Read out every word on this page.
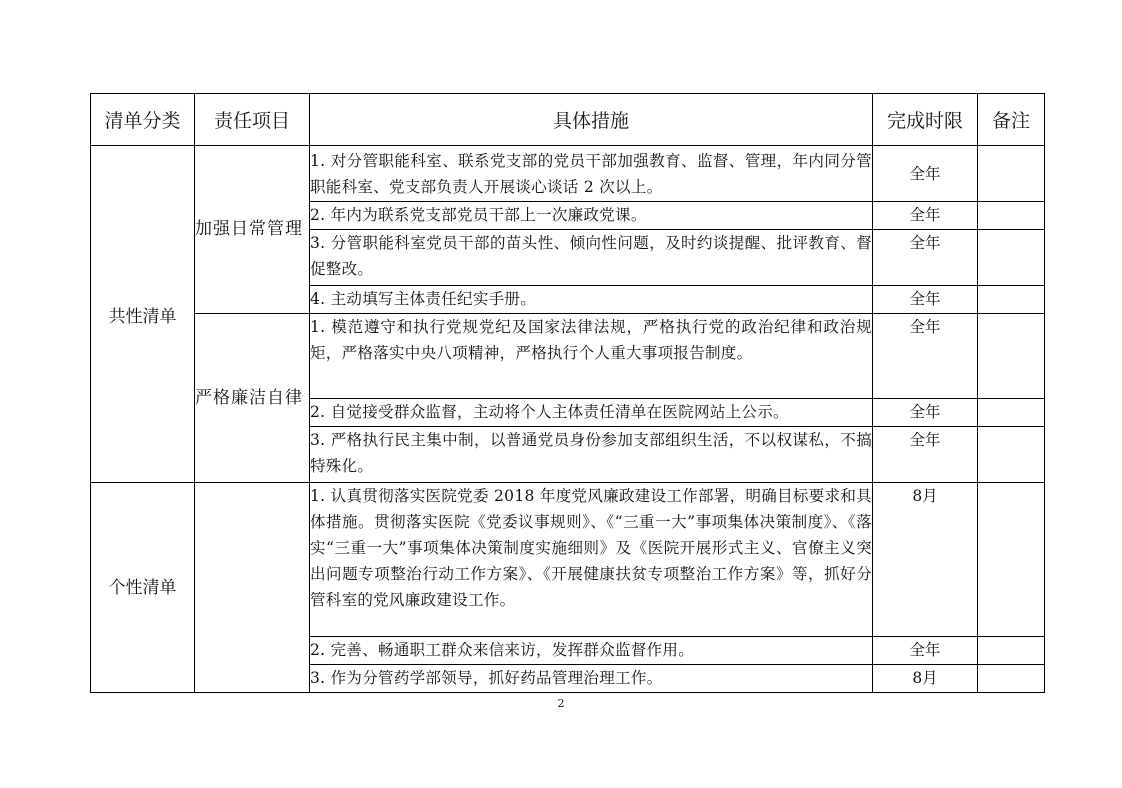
清单分类	责任项目	具体措施	完成时限	备注
共性清单	加强日常管理	1. 对分管职能科室、联系党支部的党员干部加强教育、监督、管理，年内同分管职能科室、党支部负责人开展谈心谈话 2 次以上。	全年	
		2. 年内为联系党支部党员干部上一次廉政党课。	全年	
		3. 分管职能科室党员干部的苗头性、倾向性问题，及时约谈提醒、批评教育、督促整改。	全年	
		4. 主动填写主体责任纪实手册。	全年	
	严格廉洁自律	1. 模范遵守和执行党规党纪及国家法律法规，严格执行党的政治纪律和政治规矩，严格落实中央八项精神，严格执行个人重大事项报告制度。	全年	
		2. 自觉接受群众监督，主动将个人主体责任清单在医院网站上公示。	全年	
		3. 严格执行民主集中制，以普通党员身份参加支部组织生活，不以权谋私，不搞特殊化。	全年	
个性清单		1. 认真贯彻落实医院党委 2018 年度党风廉政建设工作部署，明确目标要求和具体措施。贯彻落实医院《党委议事规则》、《“三重一大”事项集体决策制度》、《落实“三重一大”事项集体决策制度实施细则》及《医院开展形式主义、官僚主义突出问题专项整治行动工作方案》、《开展健康扶贫专项整治工作方案》等，抓好分管科室的党风廉政建设工作。	8月	
		2. 完善、畅通职工群众来信来访，发挥群众监督作用。	全年	
		3. 作为分管药学部领导，抓好药品管理治理工作。	8月	
2
